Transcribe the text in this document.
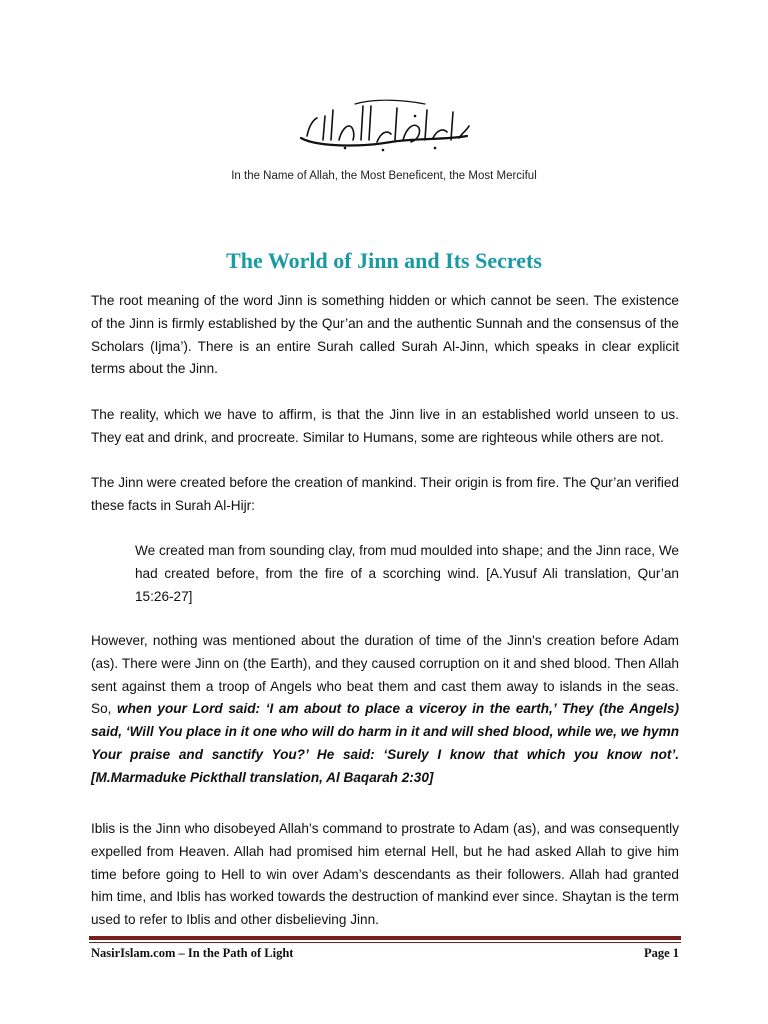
In the Name of Allah, the Most Beneficent, the Most Merciful
The World of Jinn and Its Secrets

The root meaning of the word Jinn is something hidden or which cannot be seen. The existence of the Jinn is firmly established by the Qur’an and the authentic Sunnah and the consensus of the Scholars (Ijma’). There is an entire Surah called Surah Al-Jinn, which speaks in clear explicit terms about the Jinn.

The reality, which we have to affirm, is that the Jinn live in an established world unseen to us. They eat and drink, and procreate. Similar to Humans, some are righteous while others are not.

The Jinn were created before the creation of mankind. Their origin is from fire. The Qur’an verified these facts in Surah Al-Hijr:

We created man from sounding clay, from mud moulded into shape; and the Jinn race, We had created before, from the fire of a scorching wind. [A.Yusuf Ali translation, Qur’an 15:26-27]

However, nothing was mentioned about the duration of time of the Jinn's creation before Adam (as). There were Jinn on (the Earth), and they caused corruption on it and shed blood. Then Allah sent against them a troop of Angels who beat them and cast them away to islands in the seas. So, when your Lord said: ‘I am about to place a viceroy in the earth,’ They (the Angels) said, ‘Will You place in it one who will do harm in it and will shed blood, while we, we hymn Your praise and sanctify You?’ He said: ‘Surely I know that which you know not’. [M.Marmaduke Pickthall translation, Al Baqarah 2:30]

Iblis is the Jinn who disobeyed Allah’s command to prostrate to Adam (as), and was consequently expelled from Heaven. Allah had promised him eternal Hell, but he had asked Allah to give him time before going to Hell to win over Adam’s descendants as their followers. Allah had granted him time, and Iblis has worked towards the destruction of mankind ever since. Shaytan is the term used to refer to Iblis and other disbelieving Jinn.

NasirIslam.com – In the Path of Light	Page 1
